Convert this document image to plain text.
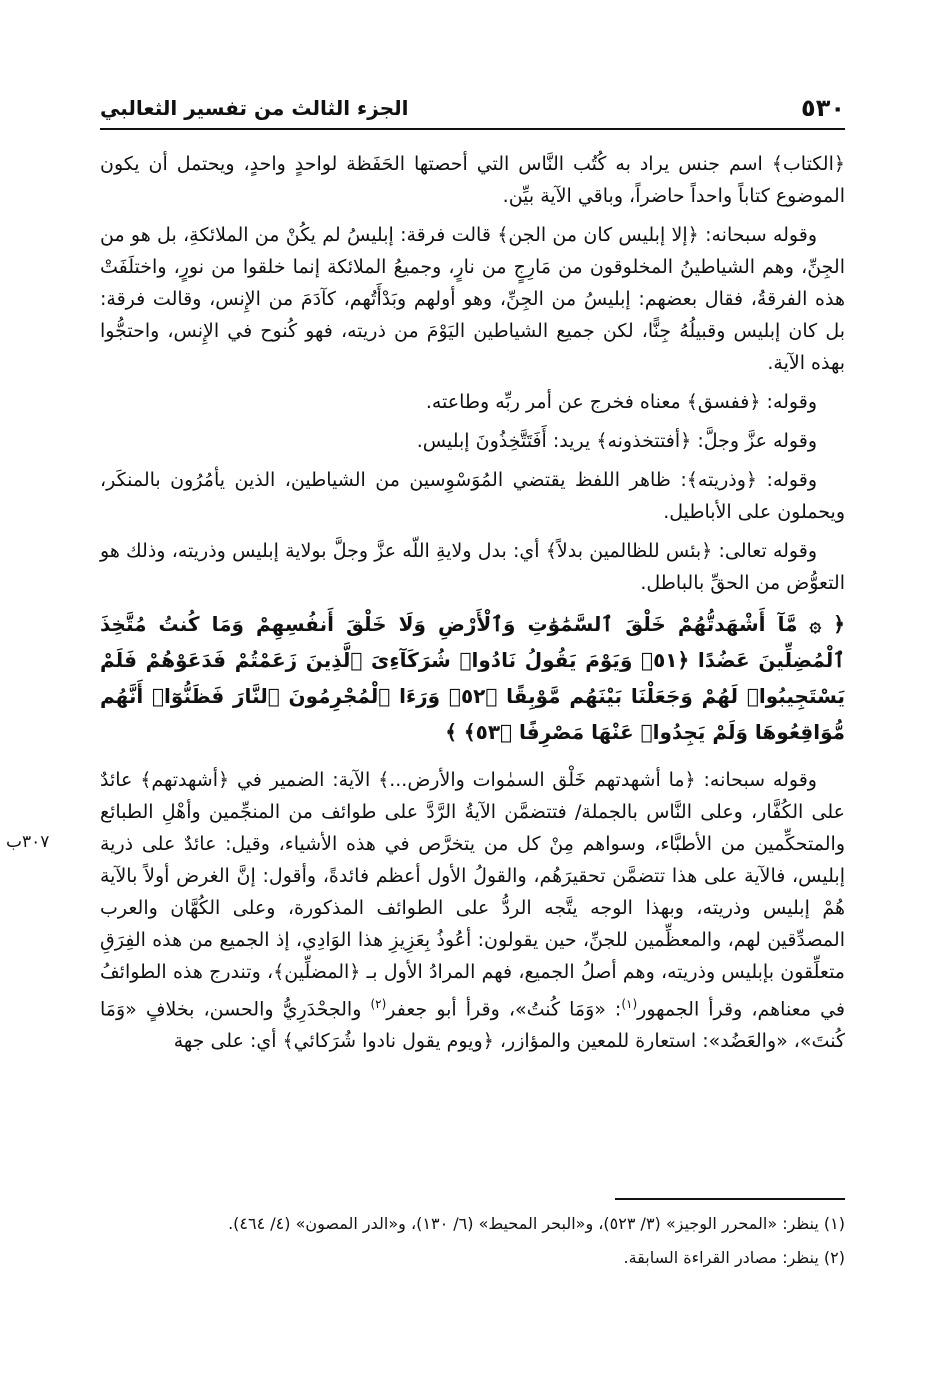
٥٣٠
الجزء الثالث من تفسير الثعالبي
٣٠٧ب

﴿الكتاب﴾ اسم جنس يراد به كُتُب النَّاس التي أحصتها الحَفَظة لواحدٍ واحدٍ، ويحتمل أن يكون الموضوع كتاباً واحداً حاضراً، وباقي الآية بيِّن.

وقوله سبحانه: ﴿إلا إبليس كان من الجن﴾ قالت فرقة: إبليسُ لم يكُنْ من الملائكةِ، بل هو من الجِنِّ، وهم الشياطينُ المخلوقون من مَارِجٍ من نارٍ، وجميعُ الملائكة إنما خلقوا من نورٍ، واختلَفَتْ هذه الفرقةُ، فقال بعضهم: إبليسُ من الجِنِّ، وهو أولهم وبَدْأَتُهم، كآدَمَ من الإِنس، وقالت فرقة: بل كان إبليس وقبيلُهُ جِنًّا، لكن جميع الشياطين اليَوْمَ من ذريته، فهو كُنوح في الإِنس، واحتجُّوا بهذه الآية.

وقوله: ﴿ففسق﴾ معناه فخرج عن أمر ربِّه وطاعته.

وقوله عزَّ وجلَّ: ﴿أفتتخذونه﴾ يريد: أَفَتَتَّخِذُونَ إبليس.

وقوله: ﴿وذريته﴾: ظاهر اللفظ يقتضي المُوَسْوِسين من الشياطين، الذين يأمُرُون بالمنكَر، ويحملون على الأباطيل.

وقوله تعالى: ﴿بئس للظالمين بدلاً﴾ أي: بدل ولايةِ اللّه عزَّ وجلَّ بولاية إبليس وذريته، وذلك هو التعوُّض من الحقِّ بالباطل.

﴿ ۞ مَّآ أَشْهَدتُّهُمْ خَلْقَ ٱلسَّمَٰوَٰتِ وَٱلْأَرْضِ وَلَا خَلْقَ أَنفُسِهِمْ وَمَا كُنتُ مُتَّخِذَ ٱلْمُضِلِّينَ عَضُدًا ﴿٥١﴾ وَيَوْمَ يَقُولُ نَادُوا۟ شُرَكَآءِىَ ٱلَّذِينَ زَعَمْتُمْ فَدَعَوْهُمْ فَلَمْ يَسْتَجِيبُوا۟ لَهُمْ وَجَعَلْنَا بَيْنَهُم مَّوْبِقًا ﴿٥٢﴾ وَرَءَا ٱلْمُجْرِمُونَ ٱلنَّارَ فَظَنُّوٓا۟ أَنَّهُم مُّوَاقِعُوهَا وَلَمْ يَجِدُوا۟ عَنْهَا مَصْرِفًا ﴿٥٣﴾ ﴾

وقوله سبحانه: ﴿ما أشهدتهم خَلْق السمٰوات والأرض...﴾ الآية: الضمير في ﴿أشهدتهم﴾ عائدٌ على الكُفَّار، وعلى النَّاس بالجملة/ فتتضمَّن الآيةُ الرَّدَّ على طوائف من المنجِّمين وأهْلِ الطبائع والمتحكِّمين من الأطبَّاء، وسواهم مِنْ كل من يتخرَّص في هذه الأشياء، وقيل: عائدٌ على ذرية إبليس، فالآية على هذا تتضمَّن تحقيرَهُم، والقولُ الأول أعظم فائدةً، وأقول: إنَّ الغرض أولاً بالآية هُمْ إبليس وذريته، وبهذا الوجه يتَّجه الردُّ على الطوائف المذكورة، وعلى الكُهَّان والعرب المصدِّقين لهم، والمعظِّمين للجنِّ، حين يقولون: أعُوذُ بِعَزِيزِ هذا الوَادِي، إذ الجميع من هذه الفِرَقِ متعلِّقون بإبليس وذريته، وهم أصلُ الجميع، فهم المرادُ الأول بـ ﴿المضلِّين﴾، وتندرج هذه الطوائفُ في معناهم، وقرأ الجمهور$^{(١)}$: «وَمَا كُنتُ»، وقرأ أبو جعفر$^{(٢)}$ والجحْدَرِيُّ والحسن، بخلافٍ «وَمَا كُنتَ»، «والعَضُد»: استعارة للمعين والمؤازر، ﴿ويوم يقول نادوا شُرَكائي﴾ أي: على جهة

(١) ينظر: «المحرر الوجيز» (٣/ ٥٢٣)، و«البحر المحيط» (٦/ ١٣٠)، و«الدر المصون» (٤/ ٤٦٤).

(٢) ينظر: مصادر القراءة السابقة.
